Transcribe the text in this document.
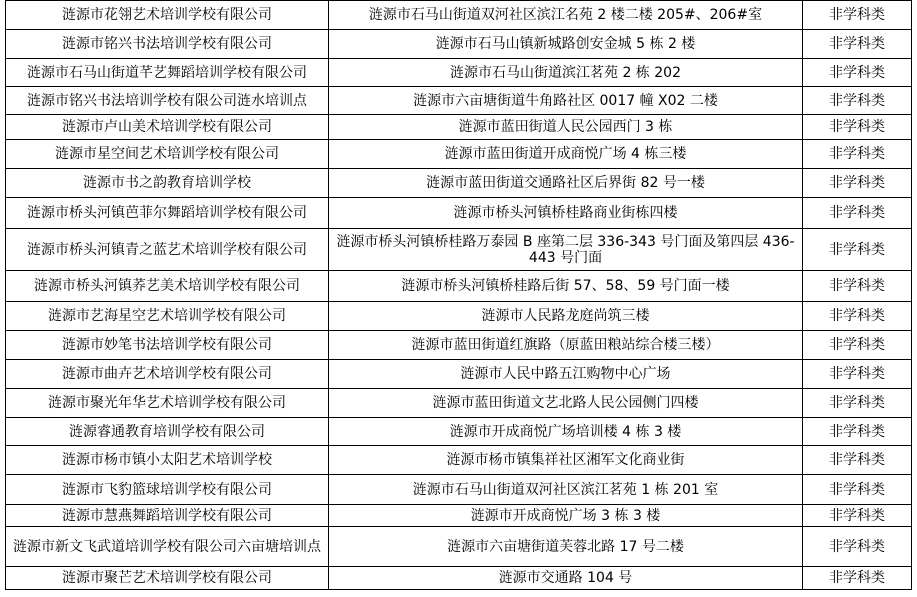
涟源市花翎艺术培训学校有限公司	涟源市石马山街道双河社区滨江名苑 2 楼二楼 205#、206#室	非学科类
涟源市铭兴书法培训学校有限公司	涟源市石马山镇新城路创安金城 5 栋 2 楼	非学科类
涟源市石马山街道芊艺舞蹈培训学校有限公司	涟源市石马山街道滨江茗苑 2 栋 202	非学科类
涟源市铭兴书法培训学校有限公司涟水培训点	涟源市六亩塘街道牛角路社区 0017 幢 X02 二楼	非学科类
涟源市卢山美术培训学校有限公司	涟源市蓝田街道人民公园西门 3 栋	非学科类
涟源市星空间艺术培训学校有限公司	涟源市蓝田街道开成商悦广场 4 栋三楼	非学科类
涟源市书之韵教育培训学校	涟源市蓝田街道交通路社区后界街 82 号一楼	非学科类
涟源市桥头河镇芭菲尔舞蹈培训学校有限公司	涟源市桥头河镇桥桂路商业街栋四楼	非学科类
涟源市桥头河镇青之蓝艺术培训学校有限公司	涟源市桥头河镇桥桂路万泰园 B 座第二层 336-343 号门面及第四层 436-443 号门面	非学科类
涟源市桥头河镇荞艺美术培训学校有限公司	涟源市桥头河镇桥桂路后街 57、58、59 号门面一楼	非学科类
涟源市艺海星空艺术培训学校有限公司	涟源市人民路龙庭尚筑三楼	非学科类
涟源市妙笔书法培训学校有限公司	涟源市蓝田街道红旗路（原蓝田粮站综合楼三楼）	非学科类
涟源市曲卉艺术培训学校有限公司	涟源市人民中路五江购物中心广场	非学科类
涟源市聚光年华艺术培训学校有限公司	涟源市蓝田街道文艺北路人民公园侧门四楼	非学科类
涟源睿通教育培训学校有限公司	涟源市开成商悦广场培训楼 4 栋 3 楼	非学科类
涟源市杨市镇小太阳艺术培训学校	涟源市杨市镇集祥社区湘军文化商业街	非学科类
涟源市飞豹篮球培训学校有限公司	涟源市石马山街道双河社区滨江茗苑 1 栋 201 室	非学科类
涟源市慧燕舞蹈培训学校有限公司	涟源市开成商悦广场 3 栋 3 楼	非学科类
涟源市新文飞武道培训学校有限公司六亩塘培训点	涟源市六亩塘街道芙蓉北路 17 号二楼	非学科类
涟源市聚芒艺术培训学校有限公司	涟源市交通路 104 号	非学科类
